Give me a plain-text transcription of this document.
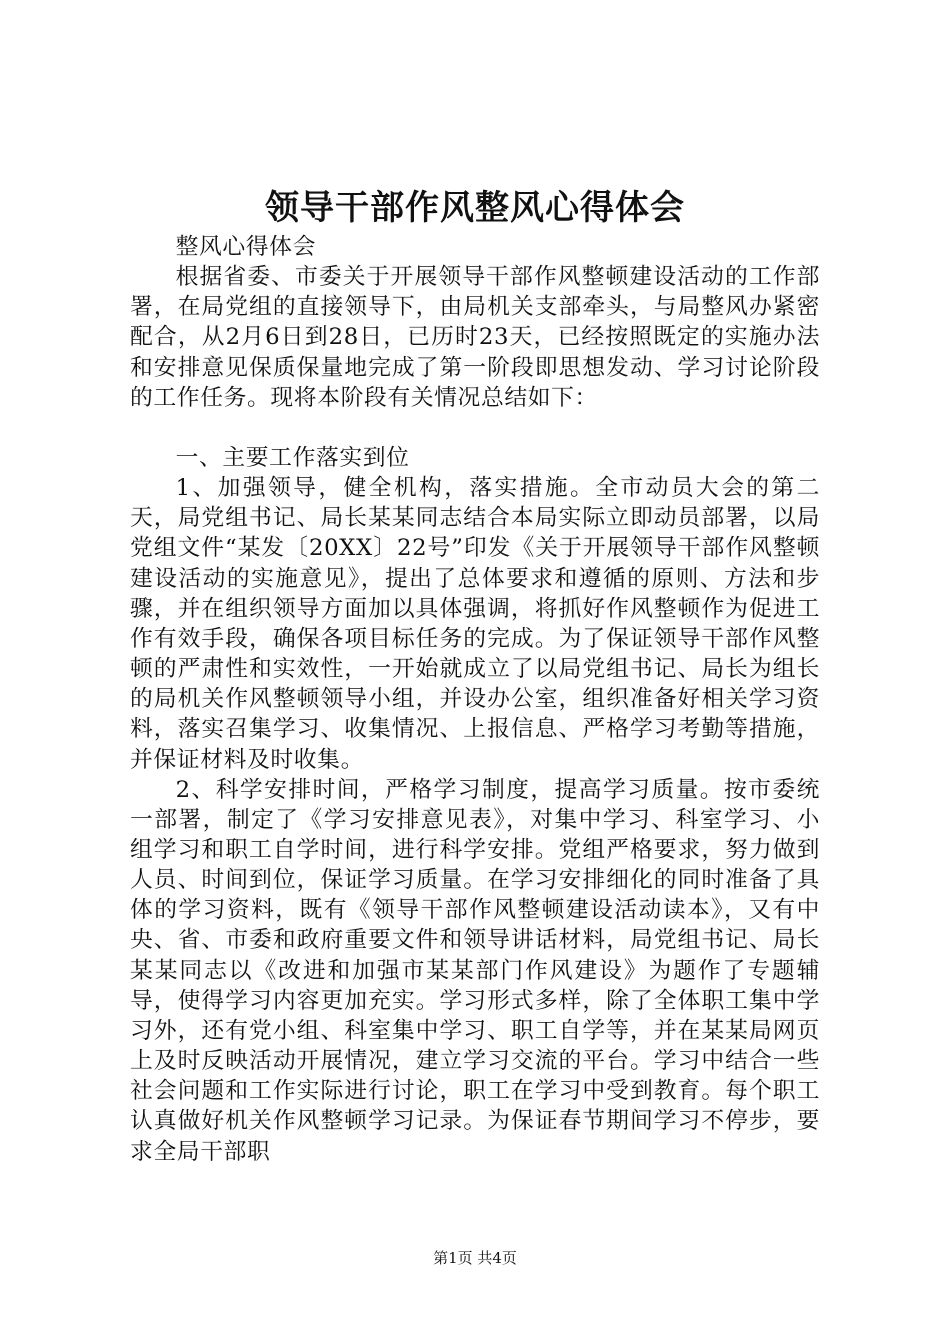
领导干部作风整风心得体会

整风心得体会

根据省委、市委关于开展领导干部作风整顿建设活动的工作部署，在局党组的直接领导下，由局机关支部牵头，与局整风办紧密配合，从2月6日到28日，已历时23天，已经按照既定的实施办法和安排意见保质保量地完成了第一阶段即思想发动、学习讨论阶段的工作任务。现将本阶段有关情况总结如下：

一、主要工作落实到位

1、加强领导，健全机构，落实措施。全市动员大会的第二天，局党组书记、局长某某同志结合本局实际立即动员部署，以局党组文件“某发〔20XX〕22号”印发《关于开展领导干部作风整顿建设活动的实施意见》，提出了总体要求和遵循的原则、方法和步骤，并在组织领导方面加以具体强调，将抓好作风整顿作为促进工作有效手段，确保各项目标任务的完成。为了保证领导干部作风整顿的严肃性和实效性，一开始就成立了以局党组书记、局长为组长的局机关作风整顿领导小组，并设办公室，组织准备好相关学习资料，落实召集学习、收集情况、上报信息、严格学习考勤等措施，并保证材料及时收集。

2、科学安排时间，严格学习制度，提高学习质量。按市委统一部署，制定了《学习安排意见表》，对集中学习、科室学习、小组学习和职工自学时间，进行科学安排。党组严格要求，努力做到人员、时间到位，保证学习质量。在学习安排细化的同时准备了具体的学习资料，既有《领导干部作风整顿建设活动读本》，又有中央、省、市委和政府重要文件和领导讲话材料，局党组书记、局长某某同志以《改进和加强市某某部门作风建设》为题作了专题辅导，使得学习内容更加充实。学习形式多样，除了全体职工集中学习外，还有党小组、科室集中学习、职工自学等，并在某某局网页上及时反映活动开展情况，建立学习交流的平台。学习中结合一些社会问题和工作实际进行讨论，职工在学习中受到教育。每个职工认真做好机关作风整顿学习记录。为保证春节期间学习不停步，要求全局干部职

第1页 共4页
